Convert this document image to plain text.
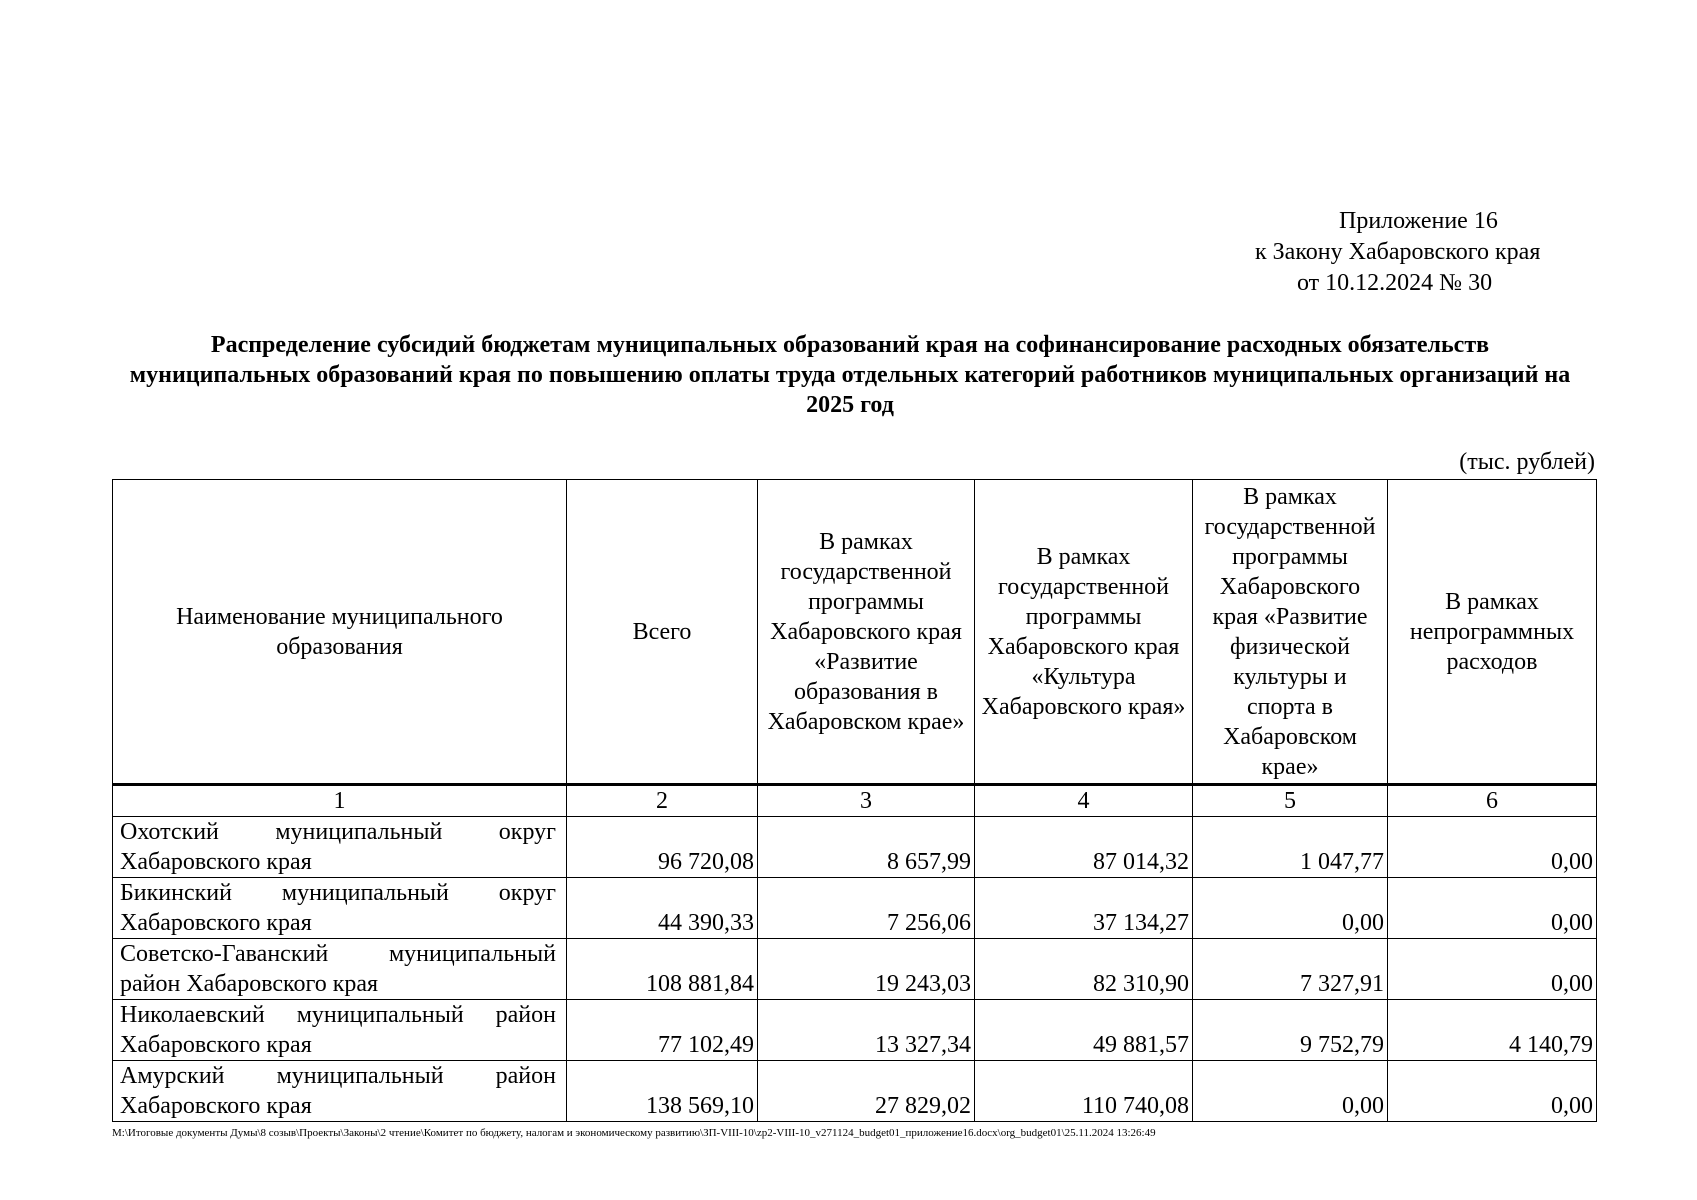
Приложение 16
к Закону Хабаровского края
от 10.12.2024 № 30
Распределение субсидий бюджетам муниципальных образований края на софинансирование расходных обязательств муниципальных образований края по повышению оплаты труда отдельных категорий работников муниципальных организаций на 2025 год
(тыс. рублей)
Наименование муниципального образования	Всего	В рамках государственной программы Хабаровского края «Развитие образования в Хабаровском крае»	В рамках государственной программы Хабаровского края «Культура Хабаровского края»	В рамках государственной программы Хабаровского края «Развитие физической культуры и спорта в Хабаровском крае»	В рамках непрограммных расходов
1	2	3	4	5	6
Охотский муниципальный округ Хабаровского края	96 720,08	8 657,99	87 014,32	1 047,77	0,00
Бикинский муниципальный округ Хабаровского края	44 390,33	7 256,06	37 134,27	0,00	0,00
Советско-Гаванский муниципальный район Хабаровского края	108 881,84	19 243,03	82 310,90	7 327,91	0,00
Николаевский муниципальный район Хабаровского края	77 102,49	13 327,34	49 881,57	9 752,79	4 140,79
Амурский муниципальный район Хабаровского края	138 569,10	27 829,02	110 740,08	0,00	0,00
М:\Итоговые документы Думы\8 созыв\Проекты\Законы\2 чтение\Комитет по бюджету, налогам и экономическому развитию\ЗП-VIII-10\zp2-VIII-10_v271124_budget01_приложение16.docx\org_budget01\25.11.2024 13:26:49
